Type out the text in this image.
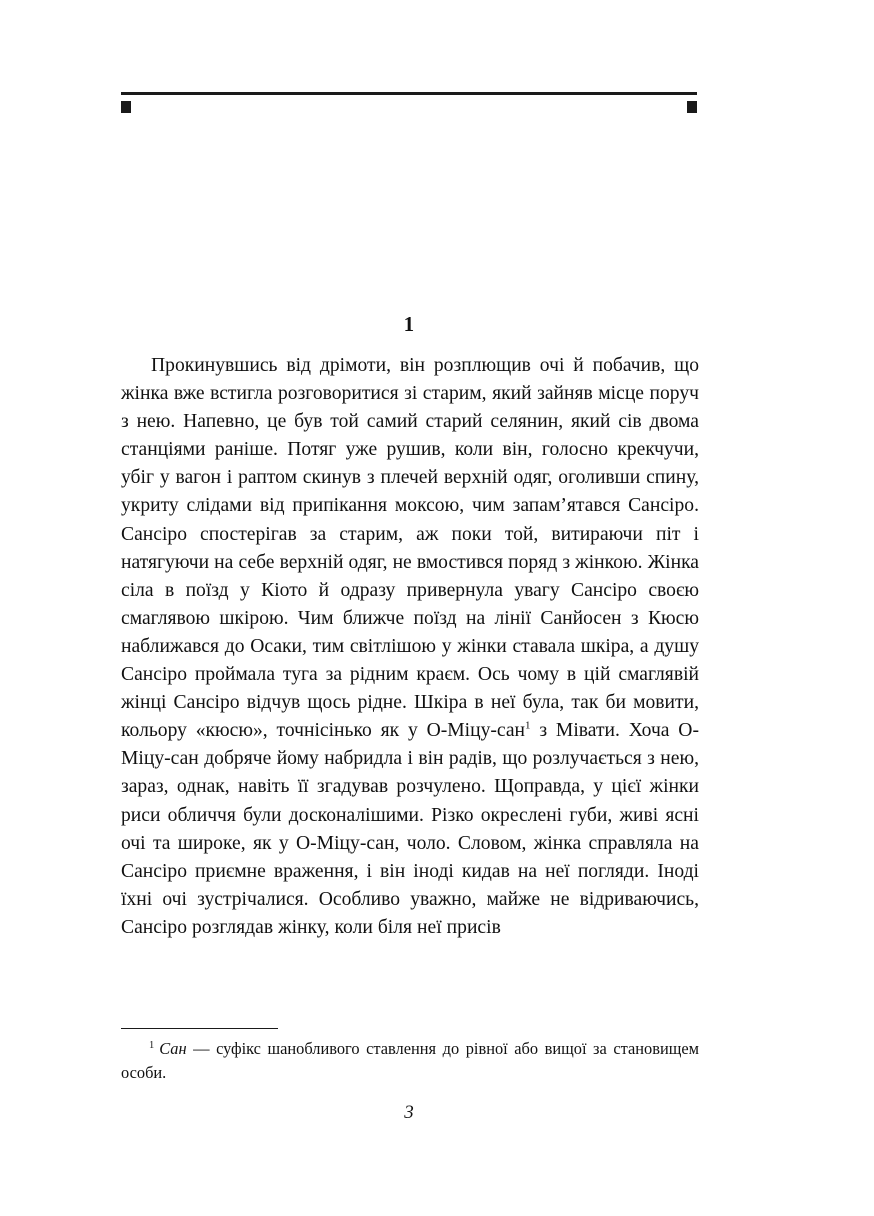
1

Прокинувшись від дрімоти, він розплющив очі й побачив, що жінка вже встигла розговоритися зі старим, який зайняв місце поруч з нею. Напевно, це був той самий старий селянин, який сів двома станціями раніше. Потяг уже рушив, коли він, голосно крекчучи, убіг у вагон і раптом скинув з плечей верхній одяг, оголивши спину, укриту слідами від припікання моксою, чим запам’ятався Сансіро. Сансіро спостерігав за старим, аж поки той, витираючи піт і натягуючи на себе верхній одяг, не вмостився поряд з жінкою. Жінка сіла в поїзд у Кіото й одразу привернула увагу Сансіро своєю смаглявою шкірою. Чим ближче поїзд на лінії Санйосен з Кюсю наближався до Осаки, тим світлішою у жінки ставала шкіра, а душу Сансіро проймала туга за рідним краєм. Ось чому в цій смаглявій жінці Сансіро відчув щось рідне. Шкіра в неї була, так би мовити, кольору «кюсю», точнісінько як у О-Міцу-сан$^1$ з Мівати. Хоча О-Міцу-сан добряче йому набридла і він радів, що розлучається з нею, зараз, однак, навіть її згадував розчулено. Щоправда, у цієї жінки риси обличчя були досконалішими. Різко окреслені губи, живі ясні очі та широке, як у О-Міцу-сан, чоло. Словом, жінка справляла на Сансіро приємне враження, і він іноді кидав на неї погляди. Іноді їхні очі зустрічалися. Особливо уважно, майже не відриваючись, Сансіро розглядав жінку, коли біля неї присів

$^1$ Сан — суфікс шанобливого ставлення до рівної або вищої за становищем особи.
3
